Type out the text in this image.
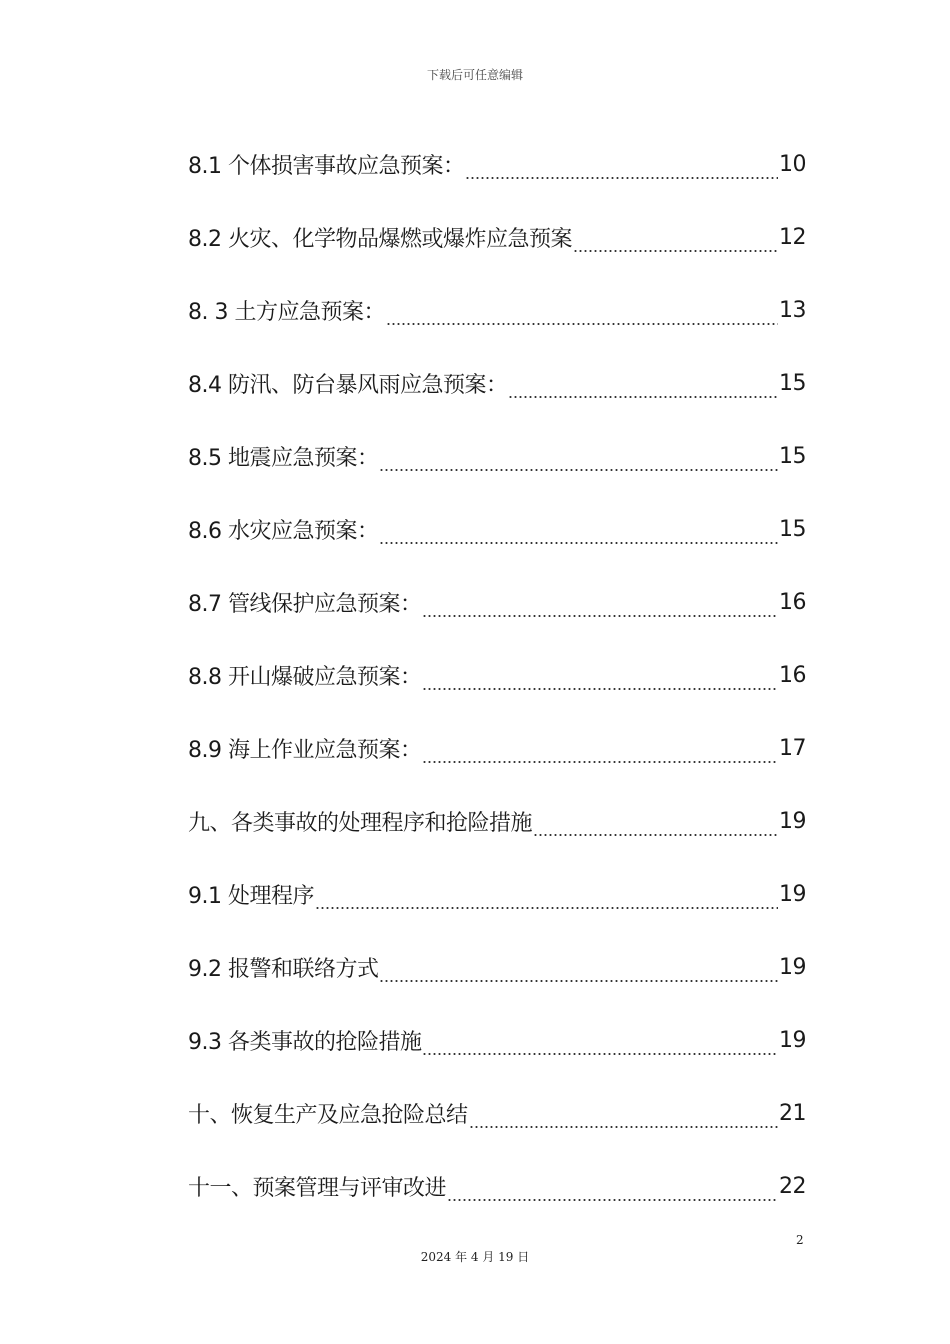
下载后可任意编辑
8.1 个体损害事故应急预案：	10
8.2 火灾、化学物品爆燃或爆炸应急预案	12
8. 3 土方应急预案：	13
8.4 防汛、防台暴风雨应急预案：	15
8.5 地震应急预案：	15
8.6 水灾应急预案：	15
8.7 管线保护应急预案：	16
8.8 开山爆破应急预案：	16
8.9 海上作业应急预案：	17
九、各类事故的处理程序和抢险措施	19
9.1 处理程序	19
9.2 报警和联络方式	19
9.3 各类事故的抢险措施	19
十、恢复生产及应急抢险总结	21
十一、预案管理与评审改进	22
2
2024 年 4 月 19 日
